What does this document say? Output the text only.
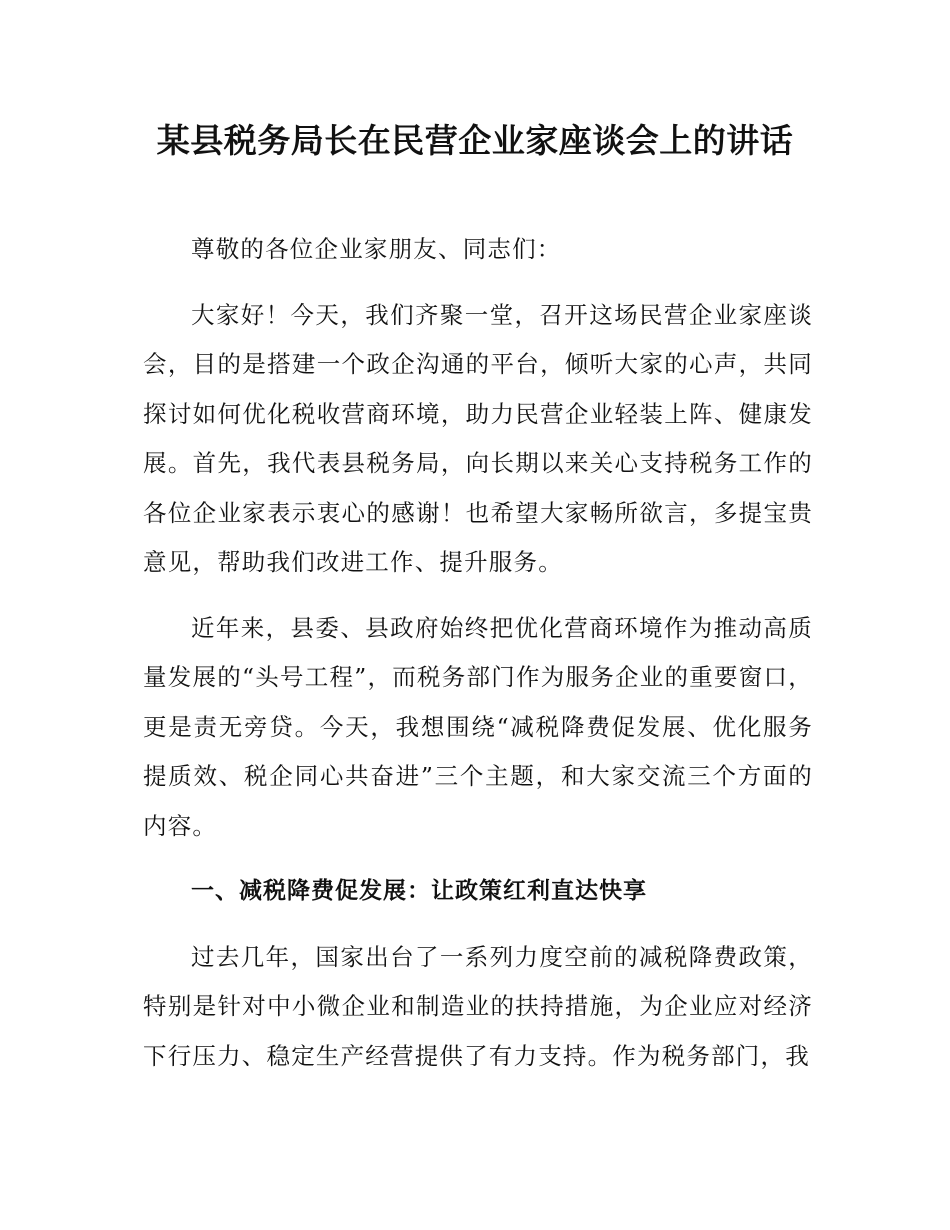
某县税务局长在民营企业家座谈会上的讲话

尊敬的各位企业家朋友、同志们：

大家好！今天，我们齐聚一堂，召开这场民营企业家座谈会，目的是搭建一个政企沟通的平台，倾听大家的心声，共同探讨如何优化税收营商环境，助力民营企业轻装上阵、健康发展。首先，我代表县税务局，向长期以来关心支持税务工作的各位企业家表示衷心的感谢！也希望大家畅所欲言，多提宝贵意见，帮助我们改进工作、提升服务。

近年来，县委、县政府始终把优化营商环境作为推动高质量发展的“头号工程”，而税务部门作为服务企业的重要窗口，更是责无旁贷。今天，我想围绕“减税降费促发展、优化服务提质效、税企同心共奋进”三个主题，和大家交流三个方面的内容。

一、减税降费促发展：让政策红利直达快享

过去几年，国家出台了一系列力度空前的减税降费政策，特别是针对中小微企业和制造业的扶持措施，为企业应对经济下行压力、稳定生产经营提供了有力支持。作为税务部门，我
